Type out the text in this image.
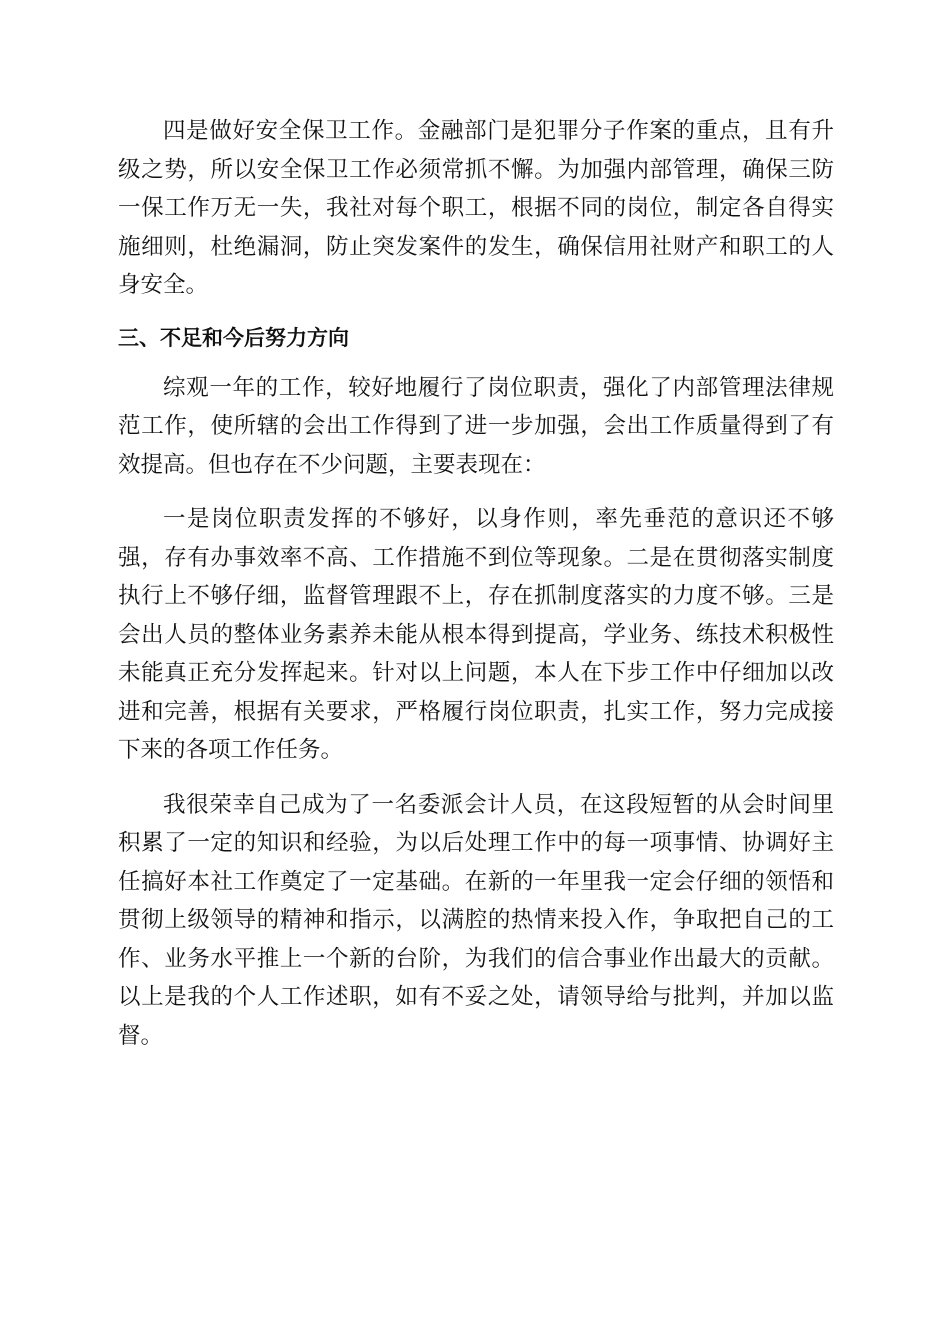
四是做好安全保卫工作。金融部门是犯罪分子作案的重点，且有升级之势，所以安全保卫工作必须常抓不懈。为加强内部管理，确保三防一保工作万无一失，我社对每个职工，根据不同的岗位，制定各自得实施细则，杜绝漏洞，防止突发案件的发生，确保信用社财产和职工的人身安全。

三、不足和今后努力方向

综观一年的工作，较好地履行了岗位职责，强化了内部管理法律规范工作，使所辖的会出工作得到了进一步加强，会出工作质量得到了有效提高。但也存在不少问题，主要表现在：

一是岗位职责发挥的不够好，以身作则，率先垂范的意识还不够强，存有办事效率不高、工作措施不到位等现象。二是在贯彻落实制度执行上不够仔细，监督管理跟不上，存在抓制度落实的力度不够。三是会出人员的整体业务素养未能从根本得到提高，学业务、练技术积极性未能真正充分发挥起来。针对以上问题，本人在下步工作中仔细加以改进和完善，根据有关要求，严格履行岗位职责，扎实工作，努力完成接下来的各项工作任务。

我很荣幸自己成为了一名委派会计人员，在这段短暂的从会时间里积累了一定的知识和经验，为以后处理工作中的每一项事情、协调好主任搞好本社工作奠定了一定基础。在新的一年里我一定会仔细的领悟和贯彻上级领导的精神和指示，以满腔的热情来投入作，争取把自己的工作、业务水平推上一个新的台阶，为我们的信合事业作出最大的贡献。以上是我的个人工作述职，如有不妥之处，请领导给与批判，并加以监督。
